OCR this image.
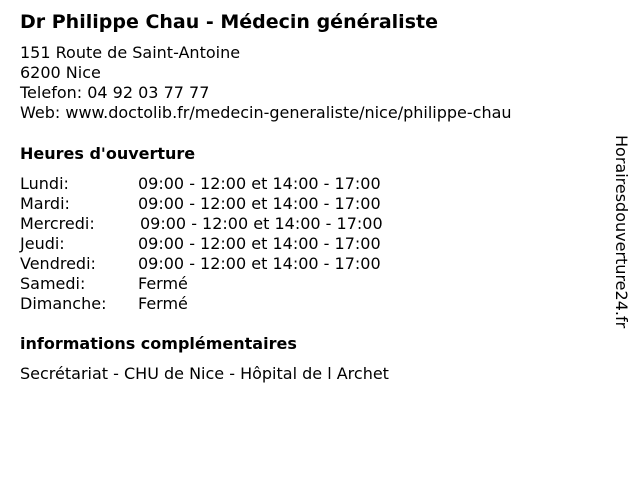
Dr Philippe Chau - Médecin généraliste
151 Route de Saint-Antoine
6200 Nice
Telefon: 04 92 03 77 77
Web: www.doctolib.fr/medecin-generaliste/nice/philippe-chau
Heures d'ouverture
Lundi:	09:00 - 12:00 et 14:00 - 17:00
Mardi:	09:00 - 12:00 et 14:00 - 17:00
Mercredi:	09:00 - 12:00 et 14:00 - 17:00
Jeudi:	09:00 - 12:00 et 14:00 - 17:00
Vendredi:	09:00 - 12:00 et 14:00 - 17:00
Samedi:	Fermé
Dimanche: Fermé
informations complémentaires
Secrétariat - CHU de Nice - Hôpital de l Archet
Horairesdouverture24.fr
